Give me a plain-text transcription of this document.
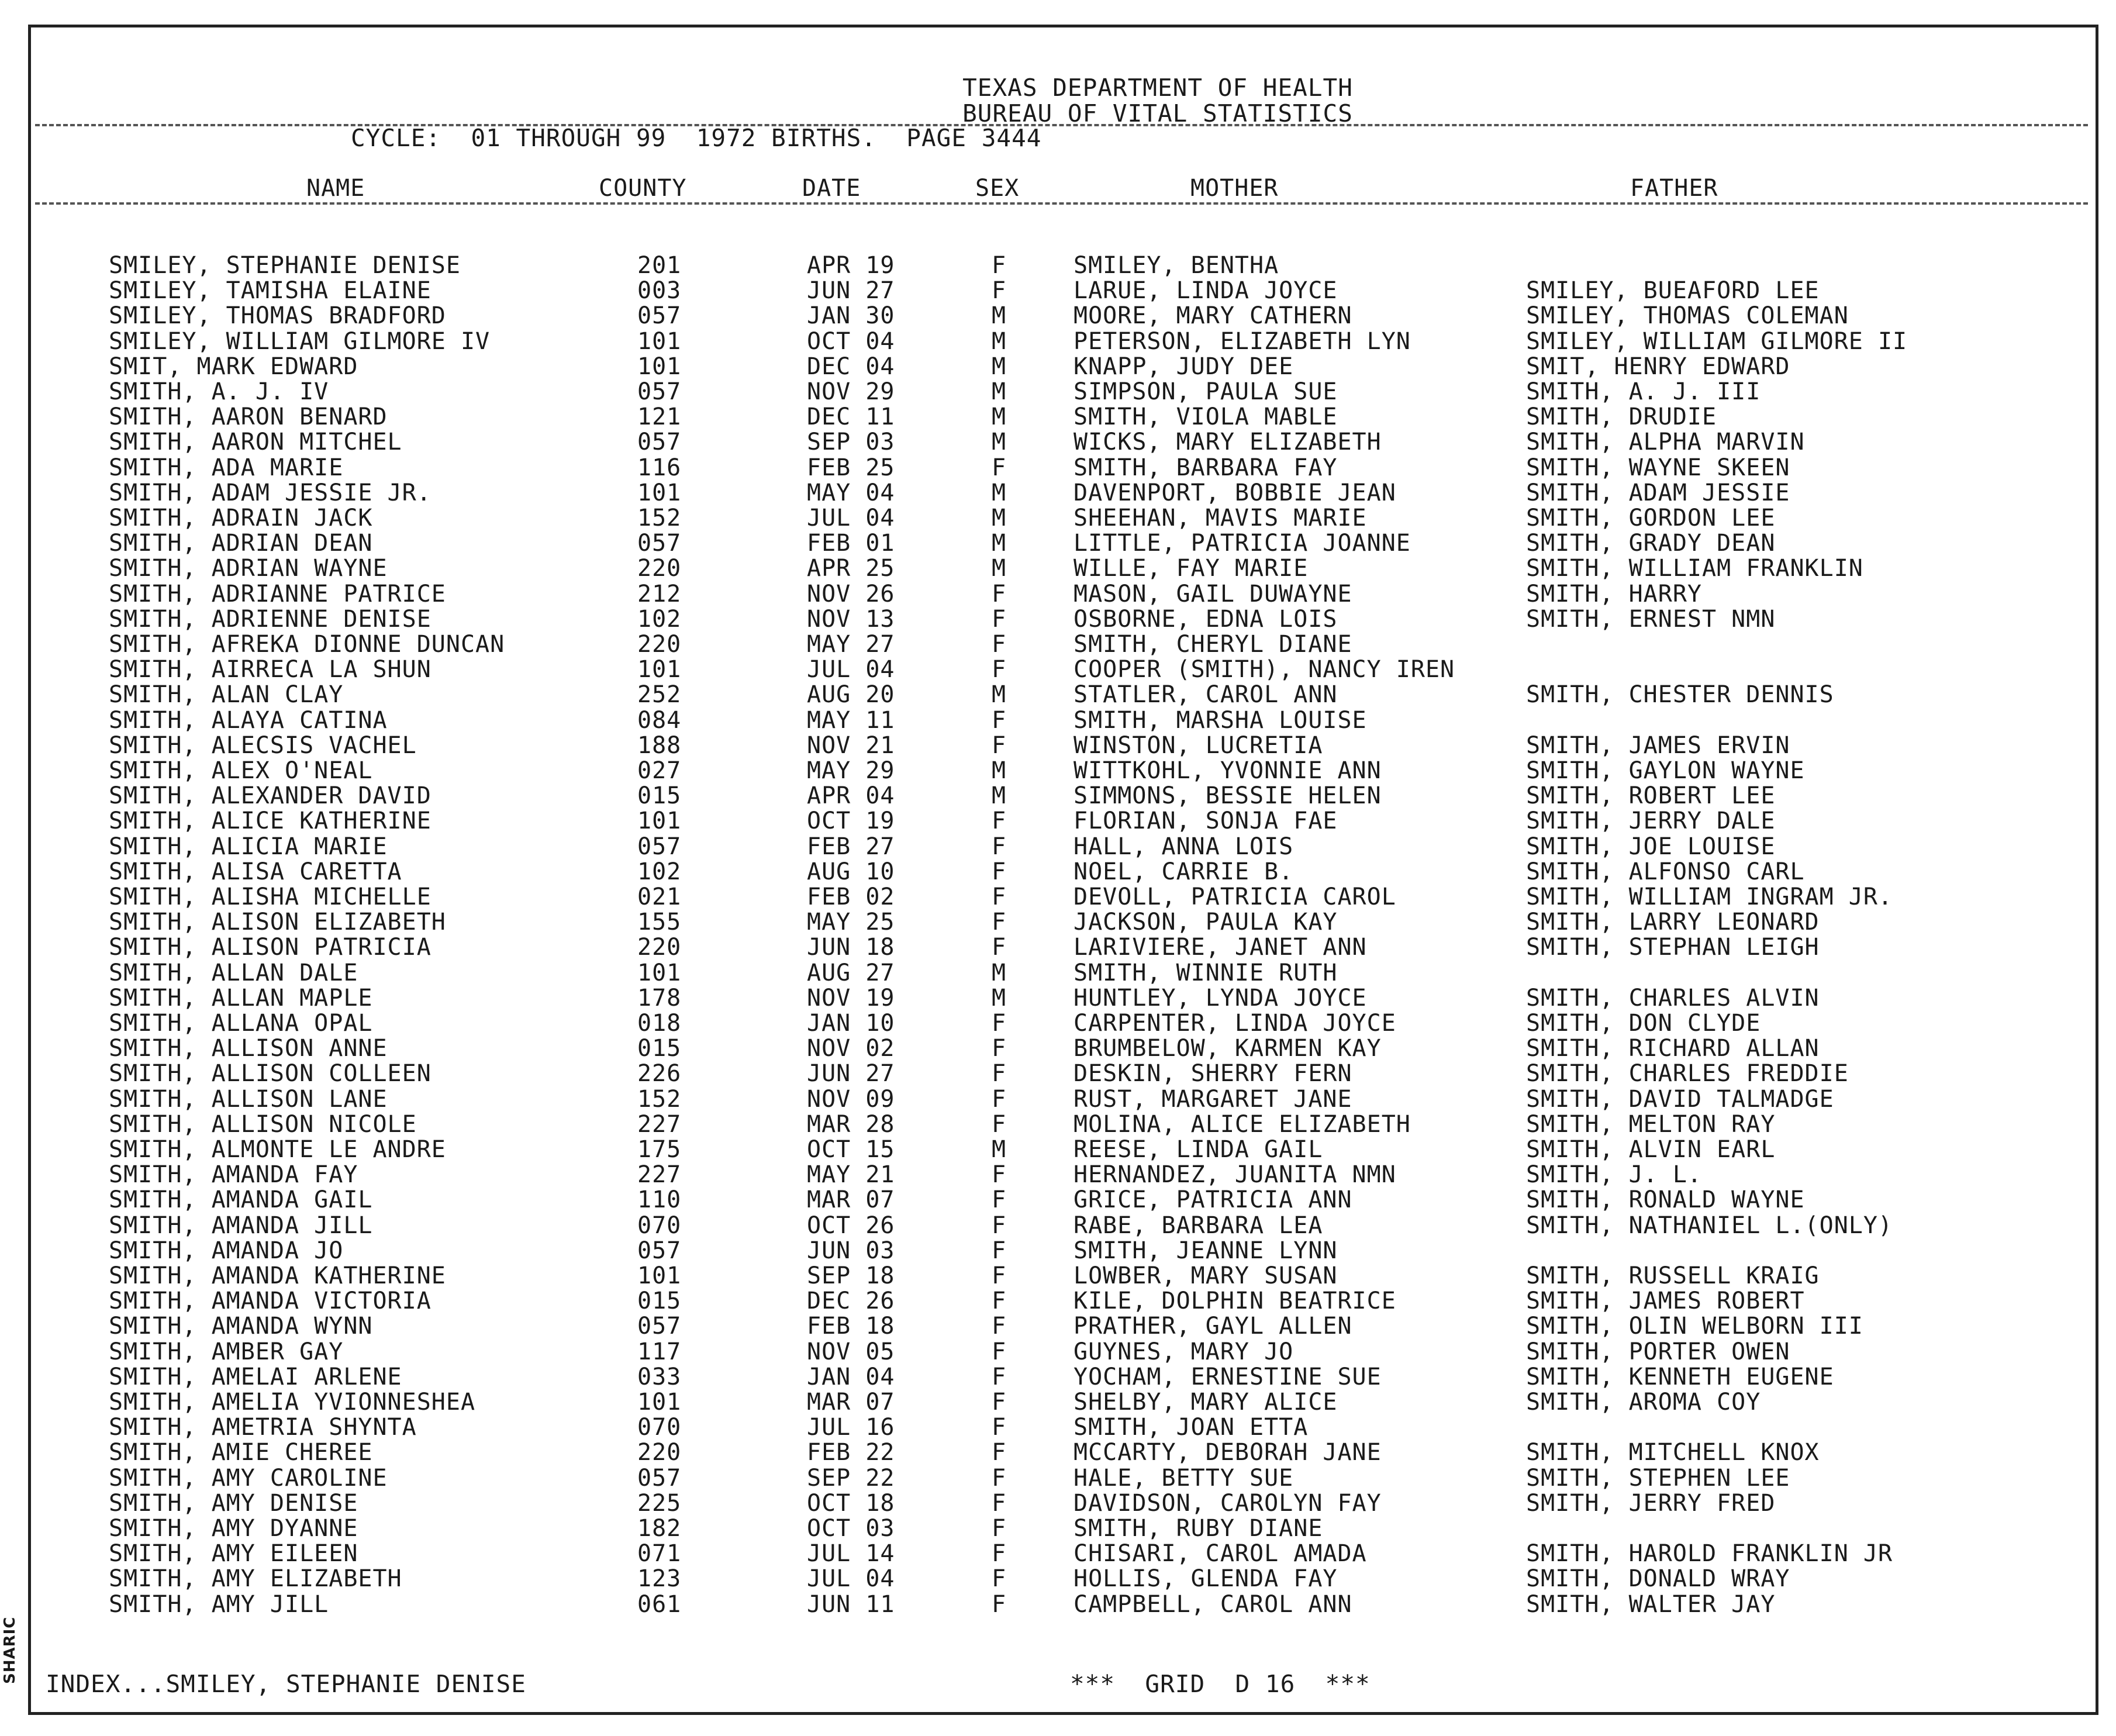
SHARIC
TEXAS DEPARTMENT OF HEALTH
BUREAU OF VITAL STATISTICS
CYCLE:  01 THROUGH 99  1972 BIRTHS.  PAGE 3444
NAME	COUNTY	DATE	SEX	MOTHER	FATHER
SMILEY, STEPHANIE DENISE	201	APR 19	F	SMILEY, BENTHA
SMILEY, TAMISHA ELAINE	003	JUN 27	F	LARUE, LINDA JOYCE	SMILEY, BUEAFORD LEE
SMILEY, THOMAS BRADFORD	057	JAN 30	M	MOORE, MARY CATHERN	SMILEY, THOMAS COLEMAN
SMILEY, WILLIAM GILMORE IV	101	OCT 04	M	PETERSON, ELIZABETH LYN	SMILEY, WILLIAM GILMORE II
SMIT, MARK EDWARD	101	DEC 04	M	KNAPP, JUDY DEE	SMIT, HENRY EDWARD
SMITH, A. J. IV	057	NOV 29	M	SIMPSON, PAULA SUE	SMITH, A. J. III
SMITH, AARON BENARD	121	DEC 11	M	SMITH, VIOLA MABLE	SMITH, DRUDIE
SMITH, AARON MITCHEL	057	SEP 03	M	WICKS, MARY ELIZABETH	SMITH, ALPHA MARVIN
SMITH, ADA MARIE	116	FEB 25	F	SMITH, BARBARA FAY	SMITH, WAYNE SKEEN
SMITH, ADAM JESSIE JR.	101	MAY 04	M	DAVENPORT, BOBBIE JEAN	SMITH, ADAM JESSIE
SMITH, ADRAIN JACK	152	JUL 04	M	SHEEHAN, MAVIS MARIE	SMITH, GORDON LEE
SMITH, ADRIAN DEAN	057	FEB 01	M	LITTLE, PATRICIA JOANNE	SMITH, GRADY DEAN
SMITH, ADRIAN WAYNE	220	APR 25	M	WILLE, FAY MARIE	SMITH, WILLIAM FRANKLIN
SMITH, ADRIANNE PATRICE	212	NOV 26	F	MASON, GAIL DUWAYNE	SMITH, HARRY
SMITH, ADRIENNE DENISE	102	NOV 13	F	OSBORNE, EDNA LOIS	SMITH, ERNEST NMN
SMITH, AFREKA DIONNE DUNCAN	220	MAY 27	F	SMITH, CHERYL DIANE
SMITH, AIRRECA LA SHUN	101	JUL 04	F	COOPER (SMITH), NANCY IREN
SMITH, ALAN CLAY	252	AUG 20	M	STATLER, CAROL ANN	SMITH, CHESTER DENNIS
SMITH, ALAYA CATINA	084	MAY 11	F	SMITH, MARSHA LOUISE
SMITH, ALECSIS VACHEL	188	NOV 21	F	WINSTON, LUCRETIA	SMITH, JAMES ERVIN
SMITH, ALEX O'NEAL	027	MAY 29	M	WITTKOHL, YVONNIE ANN	SMITH, GAYLON WAYNE
SMITH, ALEXANDER DAVID	015	APR 04	M	SIMMONS, BESSIE HELEN	SMITH, ROBERT LEE
SMITH, ALICE KATHERINE	101	OCT 19	F	FLORIAN, SONJA FAE	SMITH, JERRY DALE
SMITH, ALICIA MARIE	057	FEB 27	F	HALL, ANNA LOIS	SMITH, JOE LOUISE
SMITH, ALISA CARETTA	102	AUG 10	F	NOEL, CARRIE B.	SMITH, ALFONSO CARL
SMITH, ALISHA MICHELLE	021	FEB 02	F	DEVOLL, PATRICIA CAROL	SMITH, WILLIAM INGRAM JR.
SMITH, ALISON ELIZABETH	155	MAY 25	F	JACKSON, PAULA KAY	SMITH, LARRY LEONARD
SMITH, ALISON PATRICIA	220	JUN 18	F	LARIVIERE, JANET ANN	SMITH, STEPHAN LEIGH
SMITH, ALLAN DALE	101	AUG 27	M	SMITH, WINNIE RUTH
SMITH, ALLAN MAPLE	178	NOV 19	M	HUNTLEY, LYNDA JOYCE	SMITH, CHARLES ALVIN
SMITH, ALLANA OPAL	018	JAN 10	F	CARPENTER, LINDA JOYCE	SMITH, DON CLYDE
SMITH, ALLISON ANNE	015	NOV 02	F	BRUMBELOW, KARMEN KAY	SMITH, RICHARD ALLAN
SMITH, ALLISON COLLEEN	226	JUN 27	F	DESKIN, SHERRY FERN	SMITH, CHARLES FREDDIE
SMITH, ALLISON LANE	152	NOV 09	F	RUST, MARGARET JANE	SMITH, DAVID TALMADGE
SMITH, ALLISON NICOLE	227	MAR 28	F	MOLINA, ALICE ELIZABETH	SMITH, MELTON RAY
SMITH, ALMONTE LE ANDRE	175	OCT 15	M	REESE, LINDA GAIL	SMITH, ALVIN EARL
SMITH, AMANDA FAY	227	MAY 21	F	HERNANDEZ, JUANITA NMN	SMITH, J. L.
SMITH, AMANDA GAIL	110	MAR 07	F	GRICE, PATRICIA ANN	SMITH, RONALD WAYNE
SMITH, AMANDA JILL	070	OCT 26	F	RABE, BARBARA LEA	SMITH, NATHANIEL L.(ONLY)
SMITH, AMANDA JO	057	JUN 03	F	SMITH, JEANNE LYNN
SMITH, AMANDA KATHERINE	101	SEP 18	F	LOWBER, MARY SUSAN	SMITH, RUSSELL KRAIG
SMITH, AMANDA VICTORIA	015	DEC 26	F	KILE, DOLPHIN BEATRICE	SMITH, JAMES ROBERT
SMITH, AMANDA WYNN	057	FEB 18	F	PRATHER, GAYL ALLEN	SMITH, OLIN WELBORN III
SMITH, AMBER GAY	117	NOV 05	F	GUYNES, MARY JO	SMITH, PORTER OWEN
SMITH, AMELAI ARLENE	033	JAN 04	F	YOCHAM, ERNESTINE SUE	SMITH, KENNETH EUGENE
SMITH, AMELIA YVIONNESHEA	101	MAR 07	F	SHELBY, MARY ALICE	SMITH, AROMA COY
SMITH, AMETRIA SHYNTA	070	JUL 16	F	SMITH, JOAN ETTA
SMITH, AMIE CHEREE	220	FEB 22	F	MCCARTY, DEBORAH JANE	SMITH, MITCHELL KNOX
SMITH, AMY CAROLINE	057	SEP 22	F	HALE, BETTY SUE	SMITH, STEPHEN LEE
SMITH, AMY DENISE	225	OCT 18	F	DAVIDSON, CAROLYN FAY	SMITH, JERRY FRED
SMITH, AMY DYANNE	182	OCT 03	F	SMITH, RUBY DIANE
SMITH, AMY EILEEN	071	JUL 14	F	CHISARI, CAROL AMADA	SMITH, HAROLD FRANKLIN JR
SMITH, AMY ELIZABETH	123	JUL 04	F	HOLLIS, GLENDA FAY	SMITH, DONALD WRAY
SMITH, AMY JILL	061	JUN 11	F	CAMPBELL, CAROL ANN	SMITH, WALTER JAY
INDEX...SMILEY, STEPHANIE DENISE	***  GRID  D 16  ***
